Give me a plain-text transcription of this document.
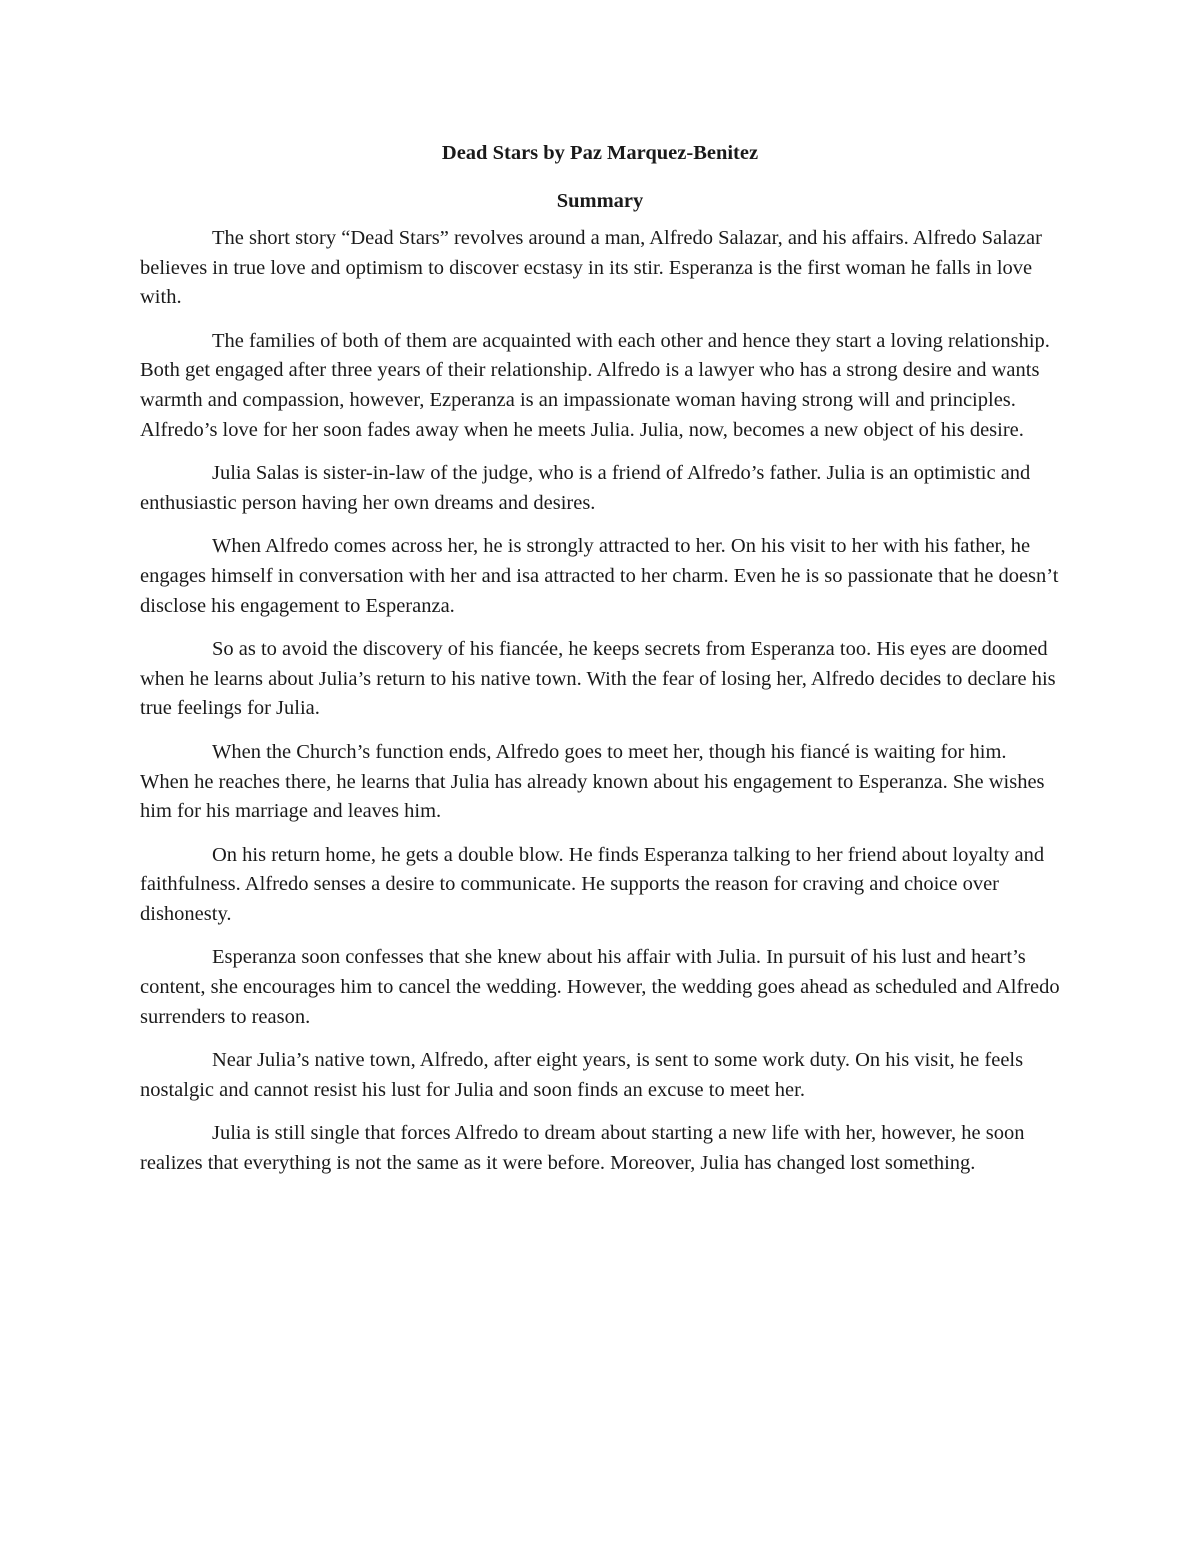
Dead Stars by Paz Marquez-Benitez
Summary

The short story “Dead Stars” revolves around a man, Alfredo Salazar, and his affairs. Alfredo Salazar believes in true love and optimism to discover ecstasy in its stir. Esperanza is the first woman he falls in love with.

The families of both of them are acquainted with each other and hence they start a loving relationship. Both get engaged after three years of their relationship. Alfredo is a lawyer who has a strong desire and wants warmth and compassion, however, Ezperanza is an impassionate woman having strong will and principles. Alfredo’s love for her soon fades away when he meets Julia. Julia, now, becomes a new object of his desire.

Julia Salas is sister-in-law of the judge, who is a friend of Alfredo’s father. Julia is an optimistic and enthusiastic person having her own dreams and desires.

When Alfredo comes across her, he is strongly attracted to her. On his visit to her with his father, he engages himself in conversation with her and isa attracted to her charm. Even he is so passionate that he doesn’t disclose his engagement to Esperanza.

So as to avoid the discovery of his fiancée, he keeps secrets from Esperanza too. His eyes are doomed when he learns about Julia’s return to his native town. With the fear of losing her, Alfredo decides to declare his true feelings for Julia.

When the Church’s function ends, Alfredo goes to meet her, though his fiancé is waiting for him. When he reaches there, he learns that Julia has already known about his engagement to Esperanza. She wishes him for his marriage and leaves him.

On his return home, he gets a double blow. He finds Esperanza talking to her friend about loyalty and faithfulness. Alfredo senses a desire to communicate. He supports the reason for craving and choice over dishonesty.

Esperanza soon confesses that she knew about his affair with Julia. In pursuit of his lust and heart’s content, she encourages him to cancel the wedding. However, the wedding goes ahead as scheduled and Alfredo surrenders to reason.

Near Julia’s native town, Alfredo, after eight years, is sent to some work duty. On his visit, he feels nostalgic and cannot resist his lust for Julia and soon finds an excuse to meet her.

Julia is still single that forces Alfredo to dream about starting a new life with her, however, he soon realizes that everything is not the same as it were before. Moreover, Julia has changed lost something.
